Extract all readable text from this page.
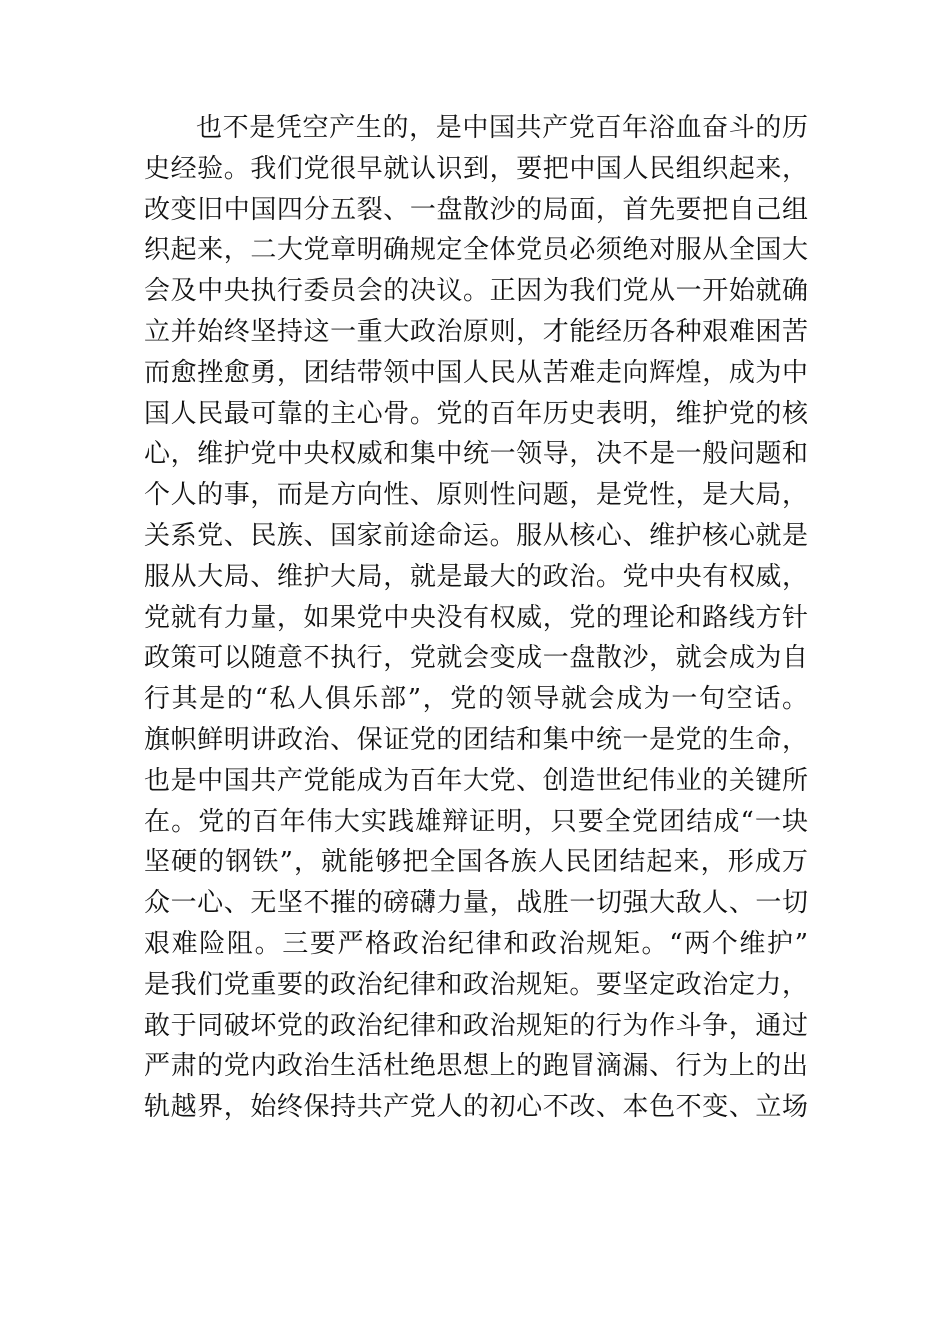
也不是凭空产生的，是中国共产党百年浴血奋斗的历
史经验。我们党很早就认识到，要把中国人民组织起来，
改变旧中国四分五裂、一盘散沙的局面，首先要把自己组
织起来，二大党章明确规定全体党员必须绝对服从全国大
会及中央执行委员会的决议。正因为我们党从一开始就确
立并始终坚持这一重大政治原则，才能经历各种艰难困苦
而愈挫愈勇，团结带领中国人民从苦难走向辉煌，成为中
国人民最可靠的主心骨。党的百年历史表明，维护党的核
心，维护党中央权威和集中统一领导，决不是一般问题和
个人的事，而是方向性、原则性问题，是党性，是大局，
关系党、民族、国家前途命运。服从核心、维护核心就是
服从大局、维护大局，就是最大的政治。党中央有权威，
党就有力量，如果党中央没有权威，党的理论和路线方针
政策可以随意不执行，党就会变成一盘散沙，就会成为自
行其是的“私人俱乐部”，党的领导就会成为一句空话。
旗帜鲜明讲政治、保证党的团结和集中统一是党的生命，
也是中国共产党能成为百年大党、创造世纪伟业的关键所
在。党的百年伟大实践雄辩证明，只要全党团结成“一块
坚硬的钢铁”，就能够把全国各族人民团结起来，形成万
众一心、无坚不摧的磅礴力量，战胜一切强大敌人、一切
艰难险阻。三要严格政治纪律和政治规矩。“两个维护”
是我们党重要的政治纪律和政治规矩。要坚定政治定力，
敢于同破坏党的政治纪律和政治规矩的行为作斗争，通过
严肃的党内政治生活杜绝思想上的跑冒滴漏、行为上的出
轨越界，始终保持共产党人的初心不改、本色不变、立场
